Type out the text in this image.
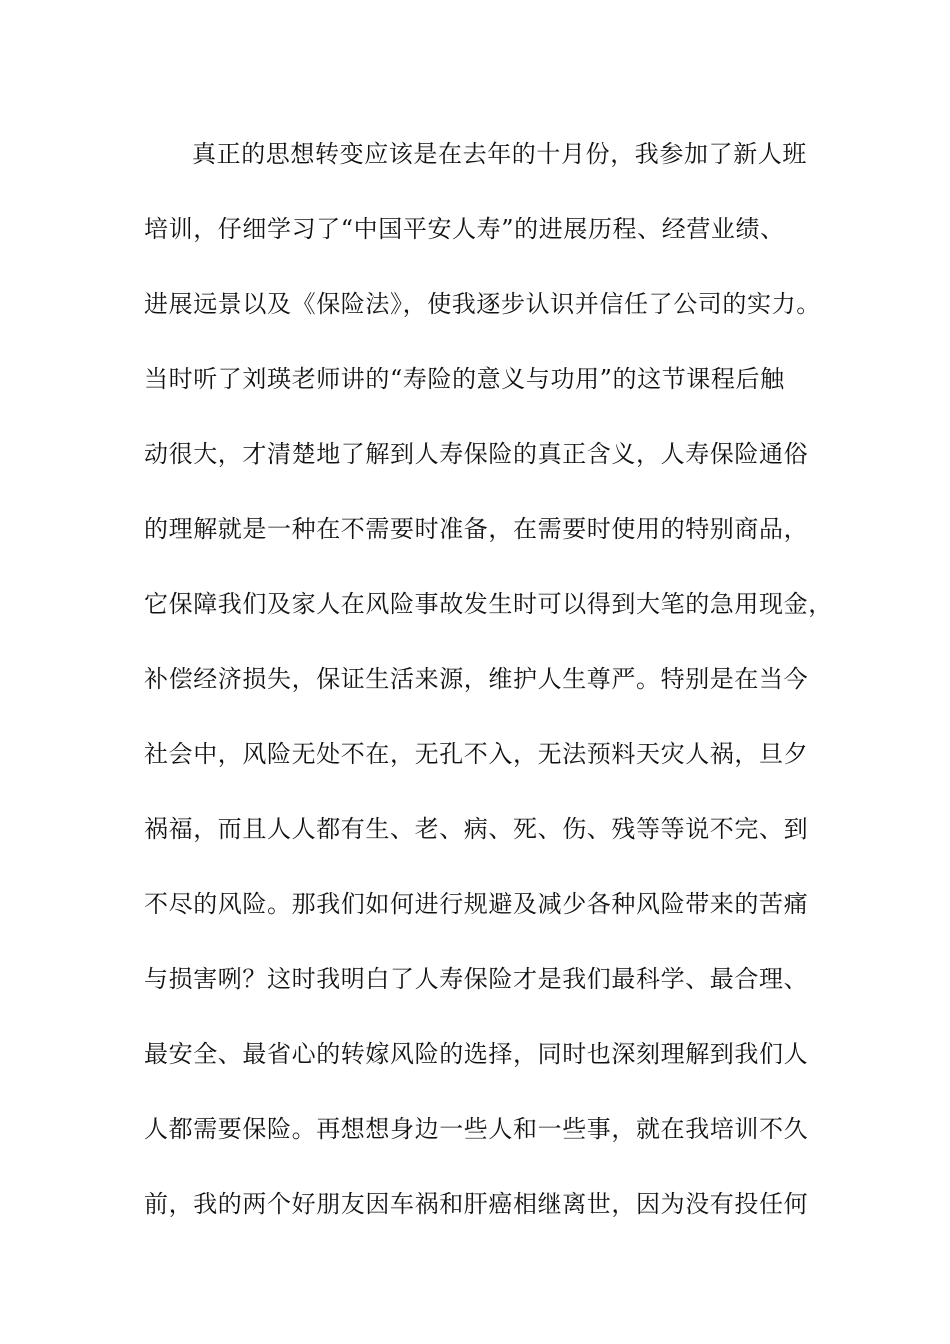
真正的思想转变应该是在去年的十月份，我参加了新人班
培训，仔细学习了“中国平安人寿”的进展历程、经营业绩、
进展远景以及《保险法》，使我逐步认识并信任了公司的实力。
当时听了刘瑛老师讲的“寿险的意义与功用”的这节课程后触
动很大，才清楚地了解到人寿保险的真正含义，人寿保险通俗
的理解就是一种在不需要时准备，在需要时使用的特别商品，
它保障我们及家人在风险事故发生时可以得到大笔的急用现金，
补偿经济损失，保证生活来源，维护人生尊严。特别是在当今
社会中，风险无处不在，无孔不入，无法预料天灾人祸，旦夕
祸福，而且人人都有生、老、病、死、伤、残等等说不完、到
不尽的风险。那我们如何进行规避及减少各种风险带来的苦痛
与损害咧？这时我明白了人寿保险才是我们最科学、最合理、
最安全、最省心的转嫁风险的选择，同时也深刻理解到我们人
人都需要保险。再想想身边一些人和一些事，就在我培训不久
前，我的两个好朋友因车祸和肝癌相继离世，因为没有投任何
